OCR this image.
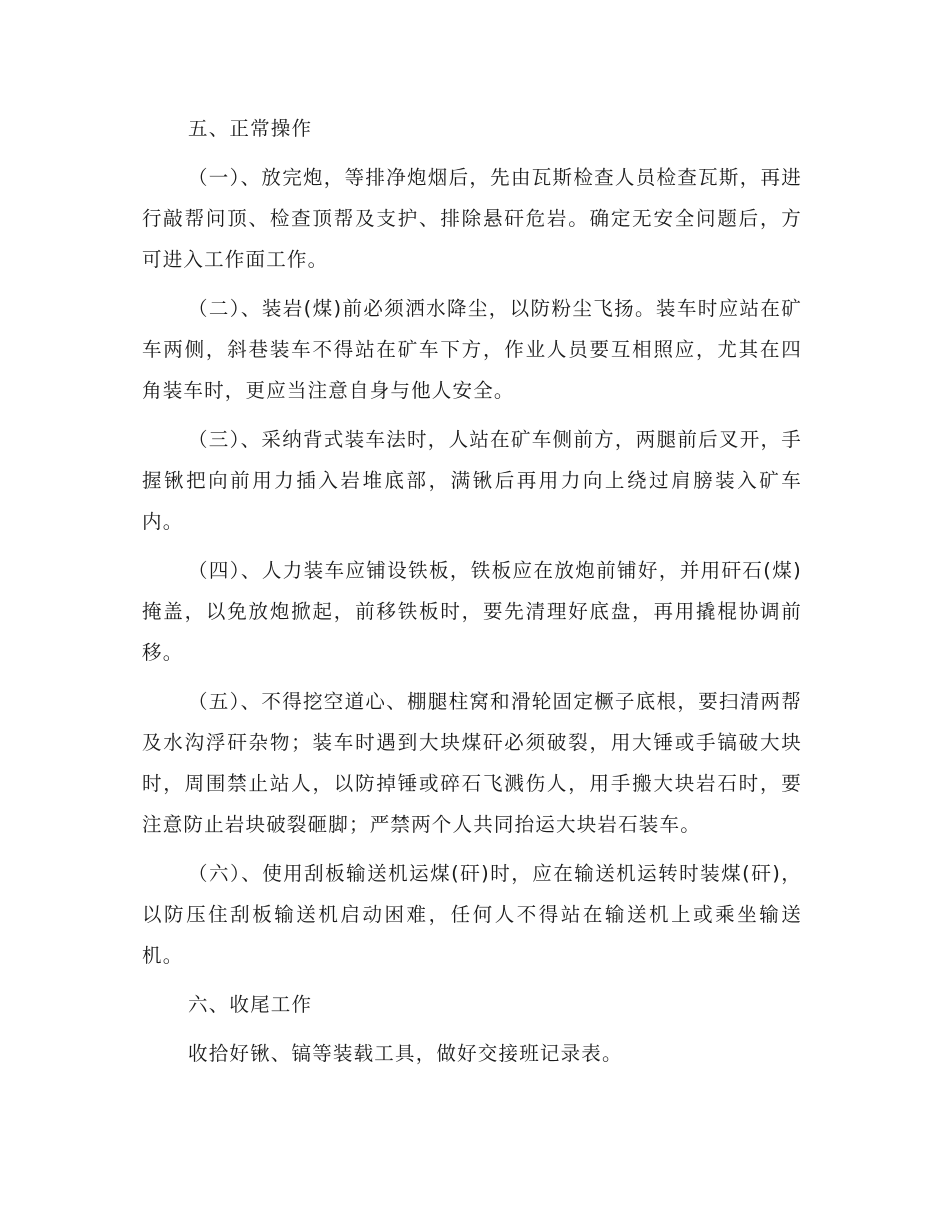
五、正常操作

（一）、放完炮，等排净炮烟后，先由瓦斯检查人员检查瓦斯，再进行敲帮问顶、检查顶帮及支护、排除悬矸危岩。确定无安全问题后，方可进入工作面工作。

（二）、装岩(煤)前必须洒水降尘，以防粉尘飞扬。装车时应站在矿车两侧，斜巷装车不得站在矿车下方，作业人员要互相照应，尤其在四角装车时，更应当注意自身与他人安全。

（三）、采纳背式装车法时，人站在矿车侧前方，两腿前后叉开，手握锹把向前用力插入岩堆底部，满锹后再用力向上绕过肩膀装入矿车内。

（四）、人力装车应铺设铁板，铁板应在放炮前铺好，并用矸石(煤)掩盖，以免放炮掀起，前移铁板时，要先清理好底盘，再用撬棍协调前移。

（五）、不得挖空道心、棚腿柱窝和滑轮固定橛子底根，要扫清两帮及水沟浮矸杂物；装车时遇到大块煤矸必须破裂，用大锤或手镐破大块时，周围禁止站人，以防掉锤或碎石飞溅伤人，用手搬大块岩石时，要注意防止岩块破裂砸脚；严禁两个人共同抬运大块岩石装车。

（六）、使用刮板输送机运煤(矸)时，应在输送机运转时装煤(矸)，以防压住刮板输送机启动困难，任何人不得站在输送机上或乘坐输送机。

六、收尾工作

收拾好锹、镐等装载工具，做好交接班记录表。
